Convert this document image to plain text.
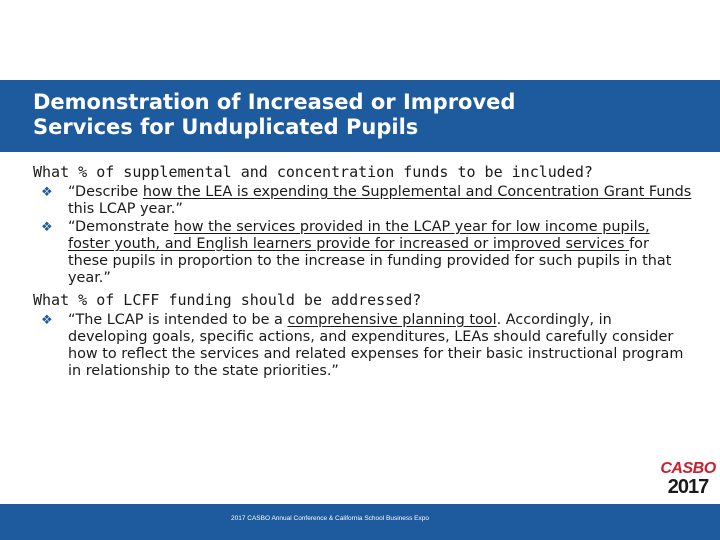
Demonstration of Increased or Improved
Services for Unduplicated Pupils

What % of supplemental and concentration funds to be included?

❖ “Describe how the LEA is expending the Supplemental and Concentration Grant Funds this LCAP year.”
❖ “Demonstrate how the services provided in the LCAP year for low income pupils, foster youth, and English learners provide for increased or improved services for these pupils in proportion to the increase in funding provided for such pupils in that year.”

What % of LCFF funding should be addressed?

❖ “The LCAP is intended to be a comprehensive planning tool. Accordingly, in developing goals, specific actions, and expenditures, LEAs should carefully consider how to reflect the services and related expenses for their basic instructional program in relationship to the state priorities.”
CASBO
2017
2017 CASBO Annual Conference & California School Business Expo
